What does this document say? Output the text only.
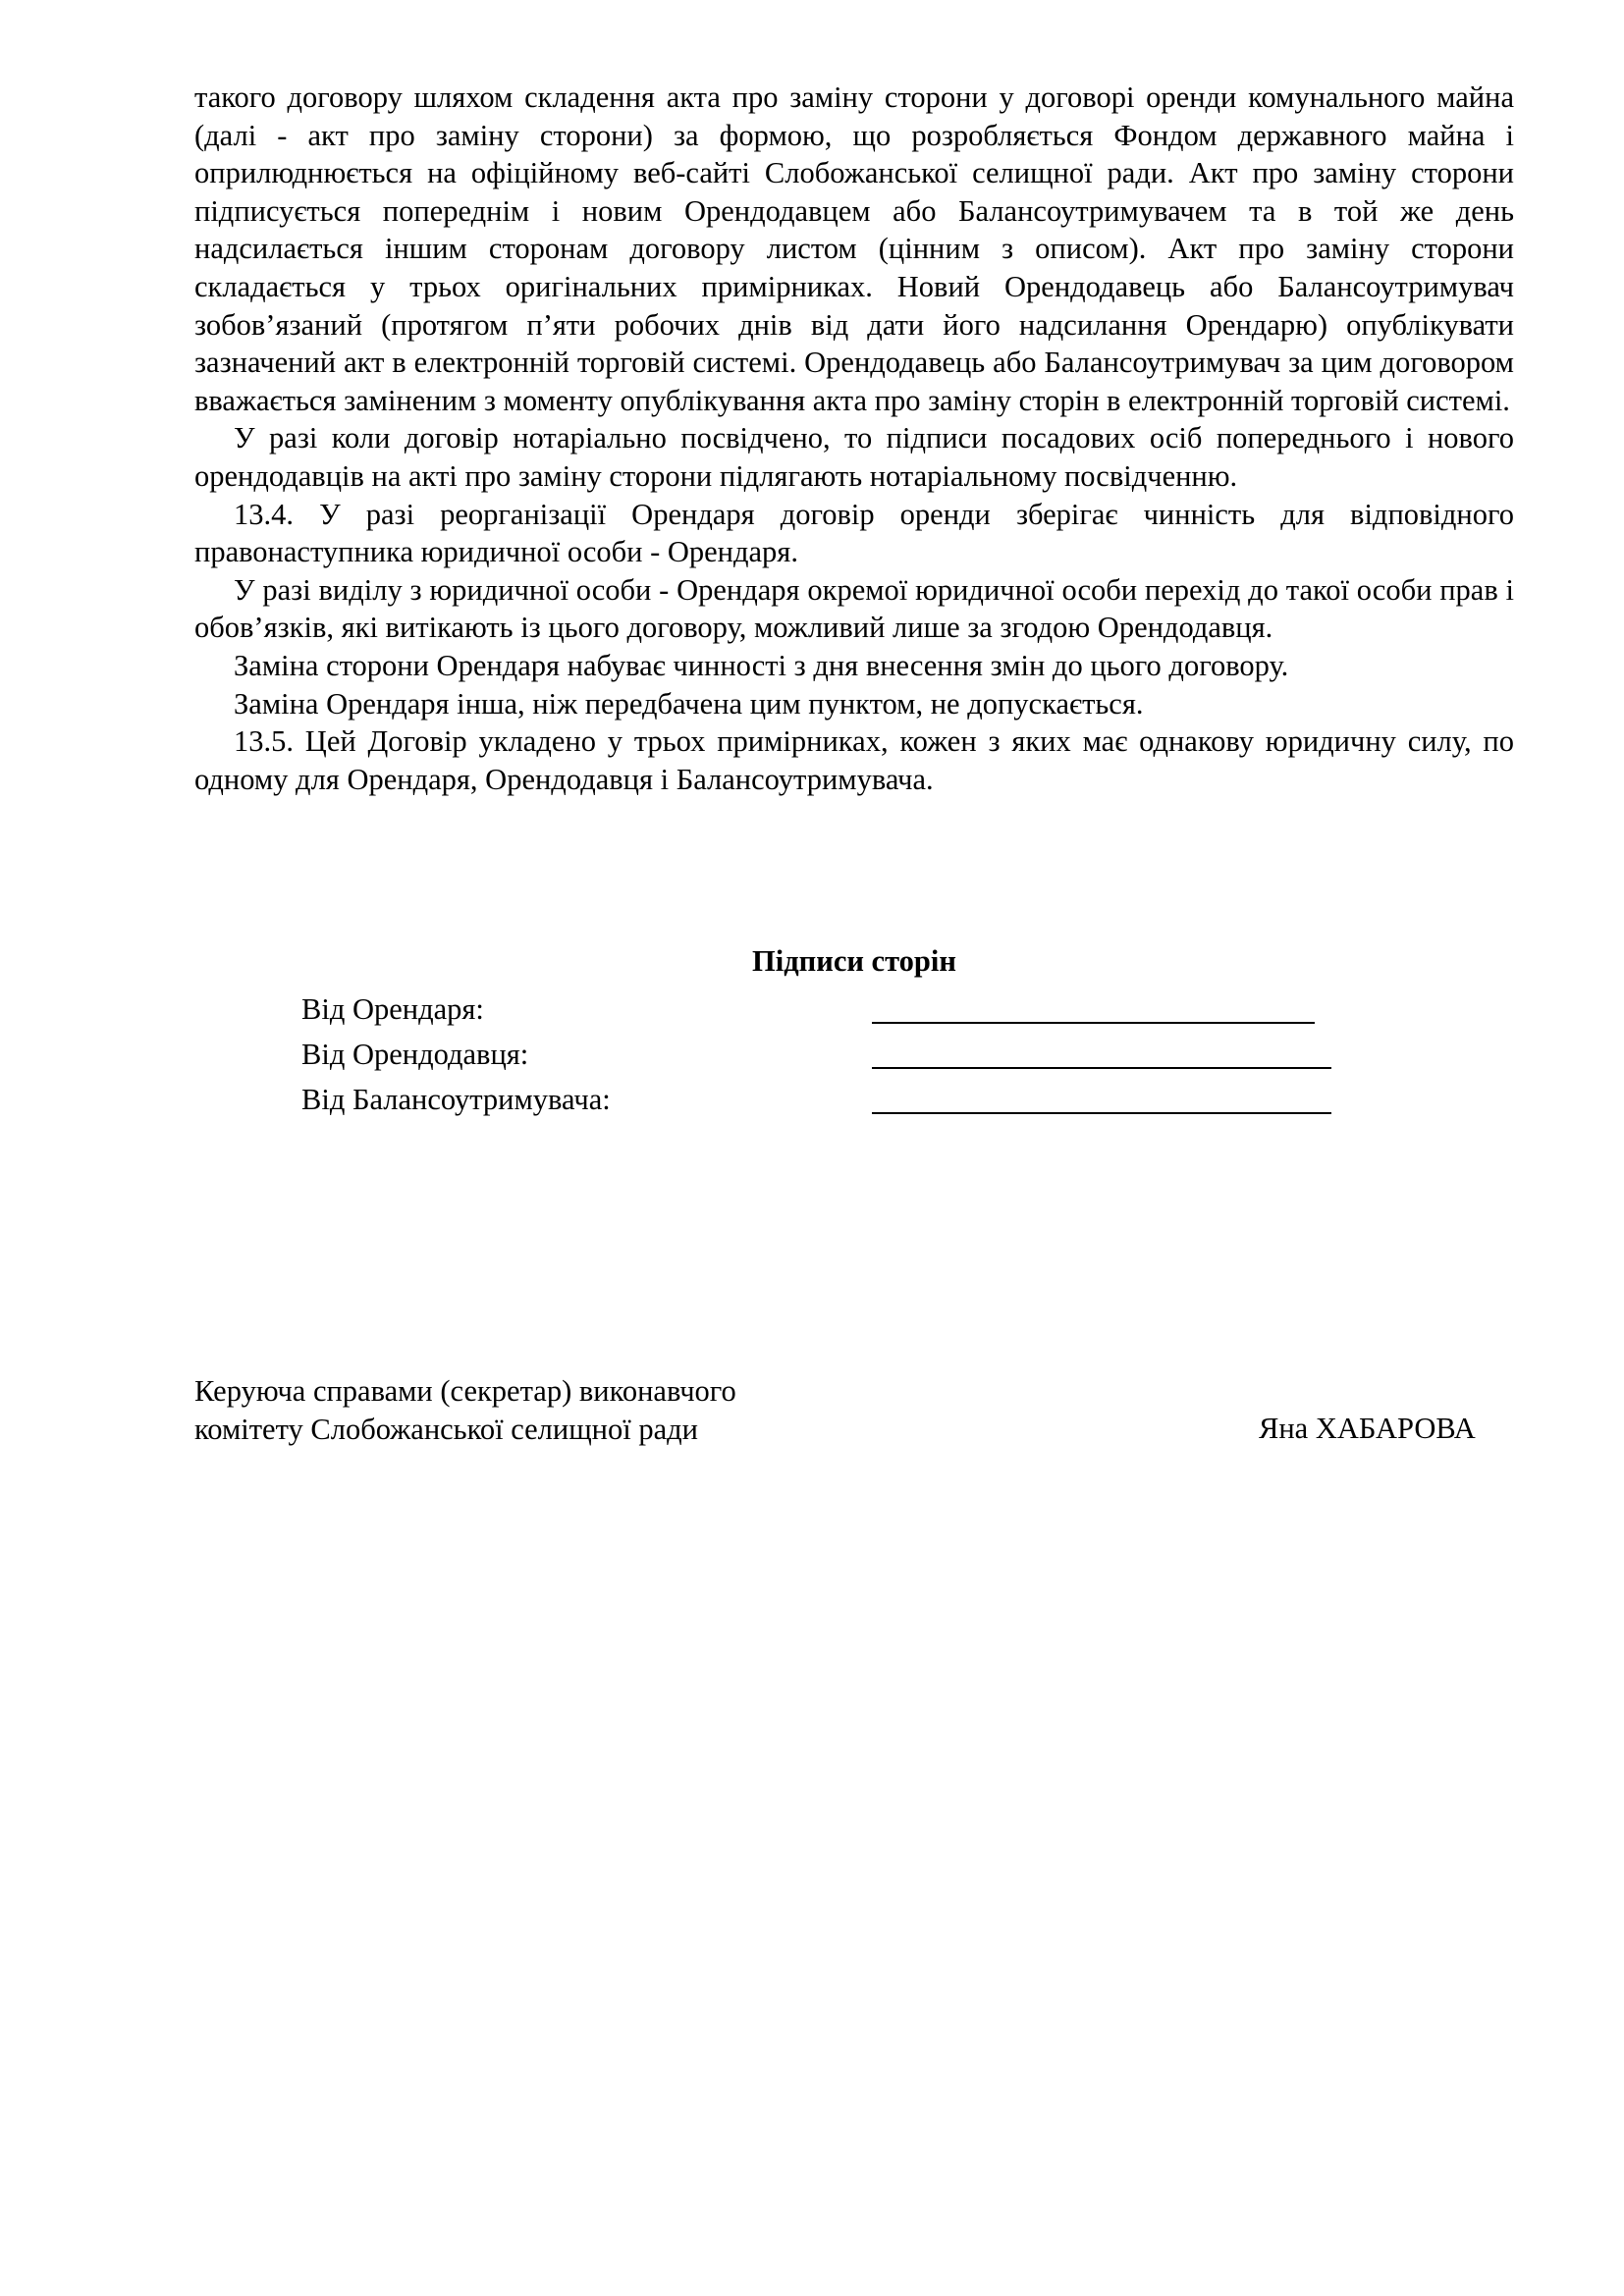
такого договору шляхом складення акта про заміну сторони у договорі оренди комунального майна (далі - акт про заміну сторони) за формою, що розробляється Фондом державного майна і оприлюднюється на офіційному веб-сайті Слобожанської селищної ради. Акт про заміну сторони підписується попереднім і новим Орендодавцем або Балансоутримувачем та в той же день надсилається іншим сторонам договору листом (цінним з описом). Акт про заміну сторони складається у трьох оригінальних примірниках. Новий Орендодавець або Балансоутримувач зобов’язаний (протягом п’яти робочих днів від дати його надсилання Орендарю) опублікувати зазначений акт в електронній торговій системі. Орендодавець або Балансоутримувач за цим договором вважається заміненим з моменту опублікування акта про заміну сторін в електронній торговій системі.

У разі коли договір нотаріально посвідчено, то підписи посадових осіб попереднього і нового орендодавців на акті про заміну сторони підлягають нотаріальному посвідченню.

13.4. У разі реорганізації Орендаря договір оренди зберігає чинність для відповідного правонаступника юридичної особи - Орендаря.

У разі виділу з юридичної особи - Орендаря окремої юридичної особи перехід до такої особи прав і обов’язків, які витікають із цього договору, можливий лише за згодою Орендодавця.

Заміна сторони Орендаря набуває чинності з дня внесення змін до цього договору.

Заміна Орендаря інша, ніж передбачена цим пунктом, не допускається.

13.5. Цей Договір укладено у трьох примірниках, кожен з яких має однакову юридичну силу, по одному для Орендаря, Орендодавця і Балансоутримувача.

Підписи сторін

Від Орендаря:
Від Орендодавця:
Від Балансоутримувача:

Керуюча справами (секретар) виконавчого

комітету Слобожанської селищної ради	Яна ХАБАРОВА
